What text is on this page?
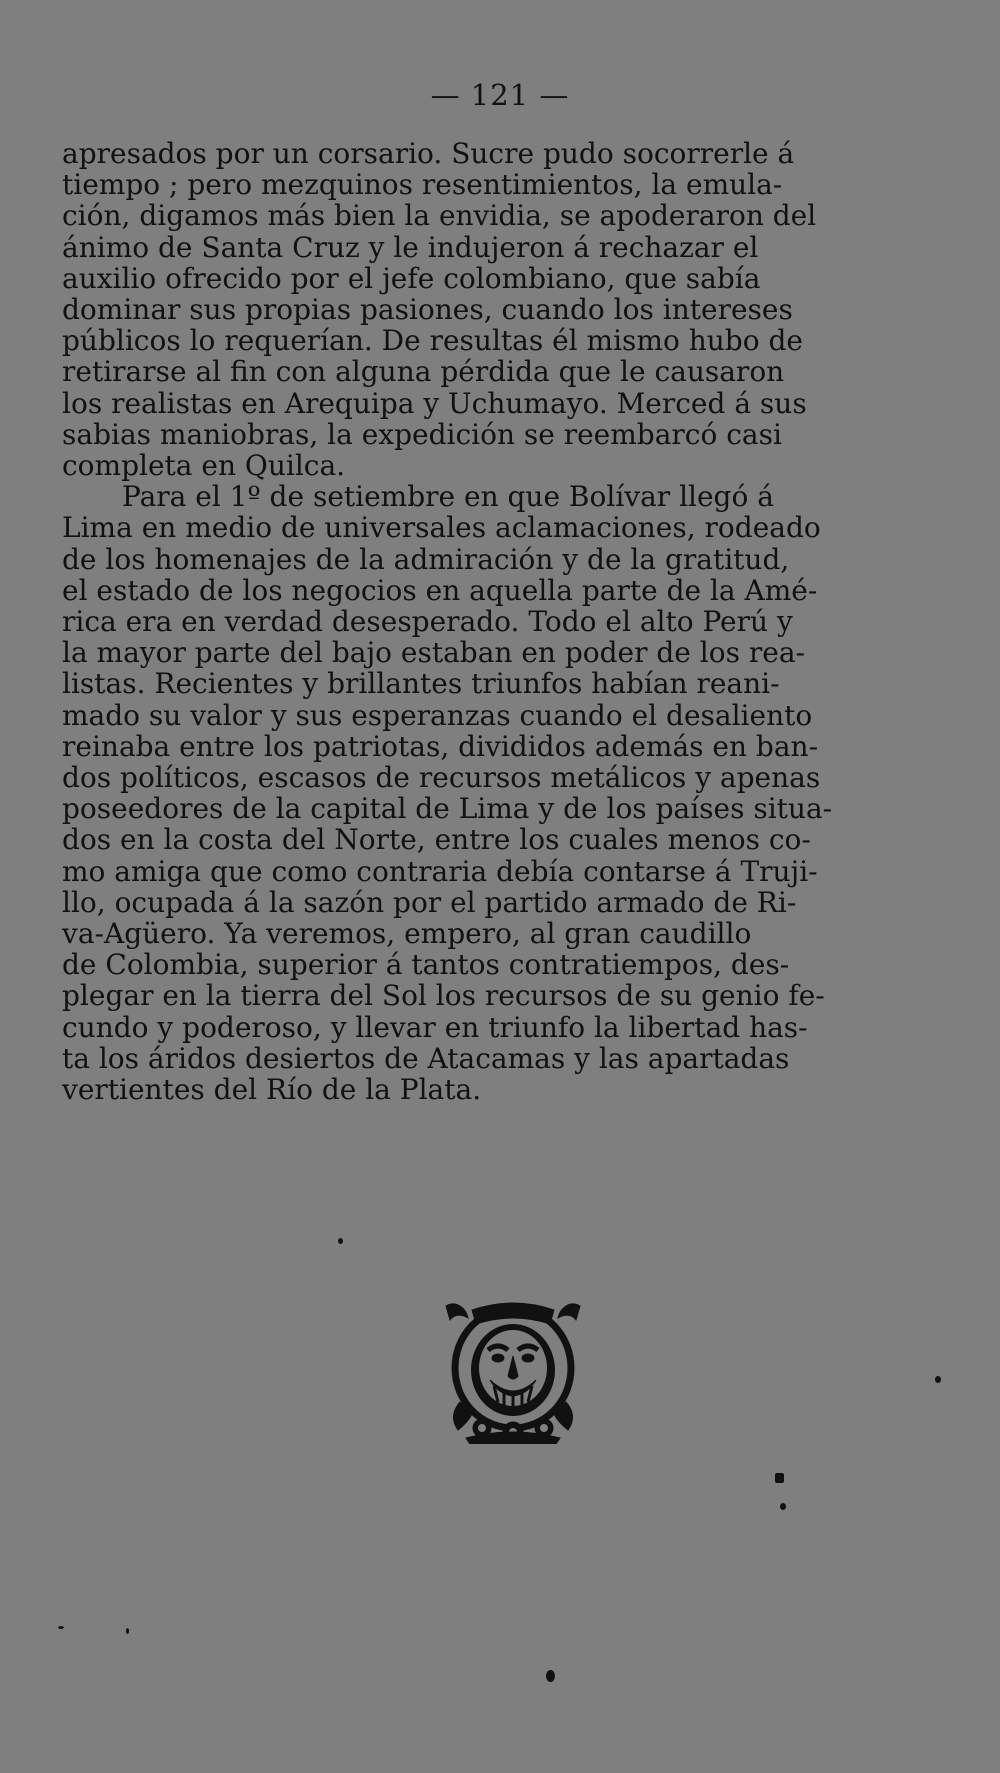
— 121 —

apresados por un corsario. Sucre pudo socorrerle á
tiempo ; pero mezquinos resentimientos, la emula-
ción, digamos más bien la envidia, se apoderaron del
ánimo de Santa Cruz y le indujeron á rechazar el
auxilio ofrecido por el jefe colombiano, que sabía
dominar sus propias pasiones, cuando los intereses
públicos lo requerían. De resultas él mismo hubo de
retirarse al fin con alguna pérdida que le causaron
los realistas en Arequipa y Uchumayo. Merced á sus
sabias maniobras, la expedición se reembarcó casi
completa en Quilca.

Para el 1º de setiembre en que Bolívar llegó á
Lima en medio de universales aclamaciones, rodeado
de los homenajes de la admiración y de la gratitud,
el estado de los negocios en aquella parte de la Amé-
rica era en verdad desesperado. Todo el alto Perú y
la mayor parte del bajo estaban en poder de los rea-
listas. Recientes y brillantes triunfos habían reani-
mado su valor y sus esperanzas cuando el desaliento
reinaba entre los patriotas, divididos además en ban-
dos políticos, escasos de recursos metálicos y apenas
poseedores de la capital de Lima y de los países situa-
dos en la costa del Norte, entre los cuales menos co-
mo amiga que como contraria debía contarse á Truji-
llo, ocupada á la sazón por el partido armado de Ri-
va-Agüero. Ya veremos, empero, al gran caudillo
de Colombia, superior á tantos contratiempos, des-
plegar en la tierra del Sol los recursos de su genio fe-
cundo y poderoso, y llevar en triunfo la libertad has-
ta los áridos desiertos de Atacamas y las apartadas
vertientes del Río de la Plata.
